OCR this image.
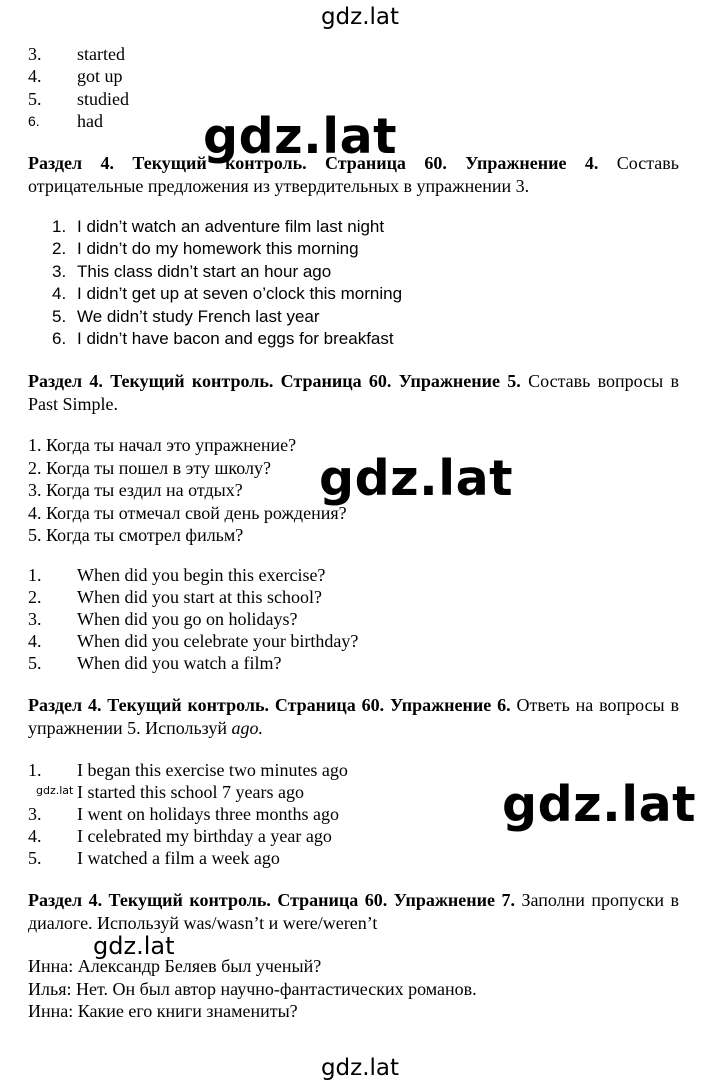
3. started
4. got up
5. studied
6. had
Раздел 4. Текущий контроль. Страница 60. Упражнение 4. Составь отрицательные предложения из утвердительных в упражнении 3.
1. I didn’t watch an adventure film last night
2. I didn’t do my homework this morning
3. This class didn’t start an hour ago
4. I didn’t get up at seven o’clock this morning
5. We didn’t study French last year
6. I didn’t have bacon and eggs for breakfast
Раздел 4. Текущий контроль. Страница 60. Упражнение 5. Составь вопросы в Past Simple.
1. Когда ты начал это упражнение?
2. Когда ты пошел в эту школу?
3. Когда ты ездил на отдых?
4. Когда ты отмечал свой день рождения?
5. Когда ты смотрел фильм?
1. When did you begin this exercise?
2. When did you start at this school?
3. When did you go on holidays?
4. When did you celebrate your birthday?
5. When did you watch a film?
Раздел 4. Текущий контроль. Страница 60. Упражнение 6. Ответь на вопросы в упражнении 5. Используй ago.
1. I began this exercise two minutes ago
I started this school 7 years ago
3. I went on holidays three months ago
4. I celebrated my birthday a year ago
5. I watched a film a week ago
Раздел 4. Текущий контроль. Страница 60. Упражнение 7. Заполни пропуски в диалоге. Используй was/wasn’t и were/weren’t
Инна: Александр Беляев был ученый?
Илья: Нет. Он был автор научно-фантастических романов.
Инна: Какие его книги знамениты?
gdz.lat
gdz.lat
gdz.lat
gdz.lat
gdz.lat
gdz.lat
gdz.lat
